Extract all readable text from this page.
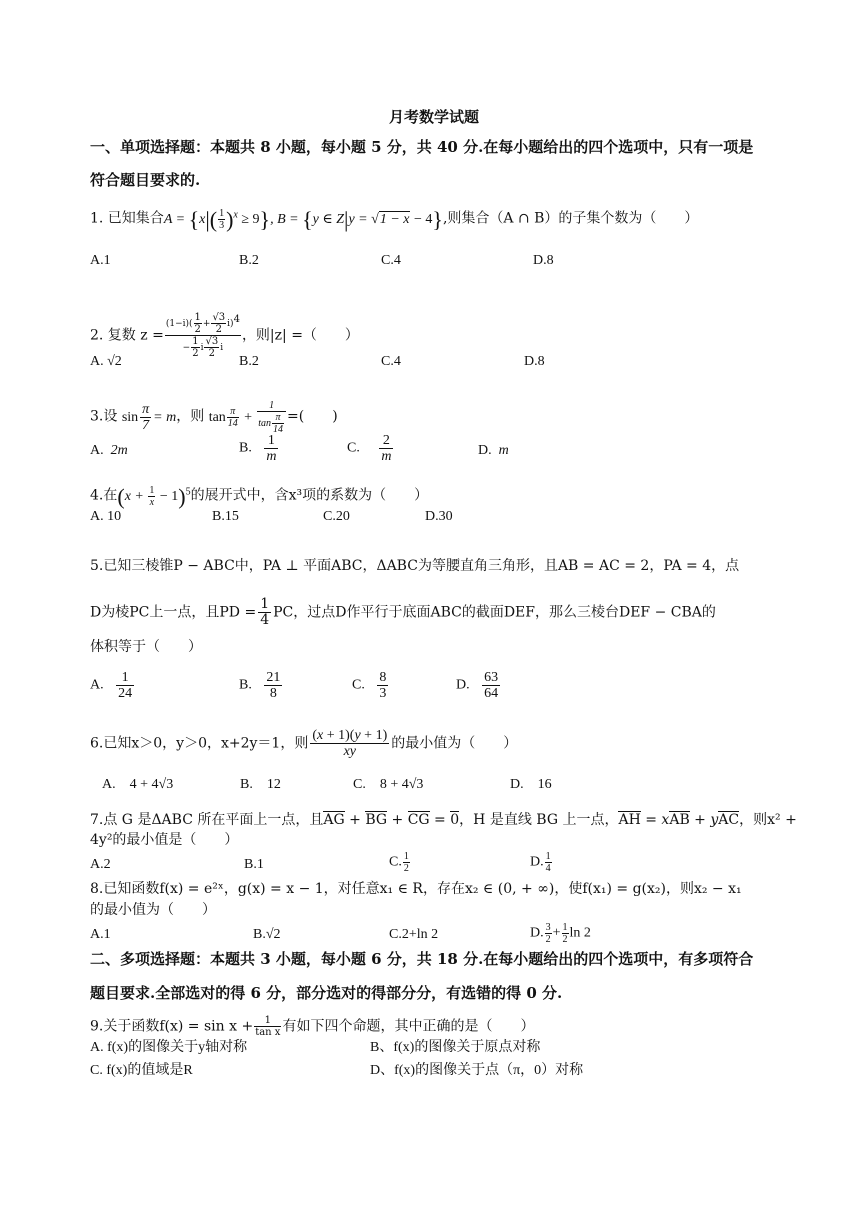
月考数学试题
一、单项选择题：本题共 8 小题，每小题 5 分，共 40 分.在每小题给出的四个选项中，只有一项是
符合题目要求的.
1. 已知集合$A = \{x|( \frac{1}{3} )^x \ge 9\}$, B = {y ∈ Z|y = √1 − x − 4},则集合（A ∩ B）的子集个数为（　　）
A.1	B.2	C.4	D.8
2. 复数 $z = \frac{(1-i)( \frac{1}{2} + \frac{√3}{2} i)4}{- \frac{1}{2} i \frac{√3}{2} i}$ ，则|z| =（　　）
A. √2	B.2	C.4	D.8
3.设 $\sin \frac{\pi}{7} = m$，则 $\tan \frac{\pi}{14} + \frac{1}{\tan \frac{\pi}{14}}$ =(　　)
A. 2m	B. $\frac{1}{m}$	C. $\frac{2}{m}$	D. m
4.在$(x + \frac{1}{x} - 1)^5$的展开式中，含x³项的系数为（　　）
A. 10	B.15	C.20	D.30
5.已知三棱锥P − ABC中，PA ⊥ 平面ABC，ΔABC为等腰直角三角形，且AB = AC = 2，PA = 4，点
D为棱PC上一点，且PD = $\frac{1}{4}$ PC，过点D作平行于底面ABC的截面DEF，那么三棱台DEF − CBA的
体积等于（　　）
A. $\frac{1}{24}$	B. $\frac{21}{8}$	C. $\frac{8}{3}$	D. $\frac{63}{64}$
6.已知x＞0，y＞0，x+2y＝1，则 $\frac{(x + 1)(y + 1)}{xy}$ 的最小值为（　　）
A.　4 + 4√3	B.　12	C.　8 + 4√3	D.　16
7.点 G 是ΔABC 所在平面上一点，且AG + BG + CG = 0，H 是直线 BG 上一点，AH = xAB + yAC，则x² +
4y²的最小值是（　　）
A.2	B.1	C. $\frac{1}{2}$	D. $\frac{1}{4}$
8.已知函数f(x) = e²ˣ，g(x) = x − 1，对任意x₁ ∈ R，存在x₂ ∈ (0, + ∞)，使f(x₁) = g(x₂)，则x₂ − x₁
的最小值为（　　）
A.1	B.√2	C.2+ln 2	D. $\frac{3}{2} + \frac{1}{2}$ ln 2
二、多项选择题：本题共 3 小题，每小题 6 分，共 18 分.在每小题给出的四个选项中，有多项符合
题目要求.全部选对的得 6 分，部分选对的得部分分，有选错的得 0 分.
9.关于函数$f(x) = \sin x + \frac{1}{\text{tan x}}$ 有如下四个命题，其中正确的是（　　）
A. f(x)的图像关于y轴对称	B、f(x)的图像关于原点对称
C. f(x)的值域是R	D、f(x)的图像关于点（π，0）对称
